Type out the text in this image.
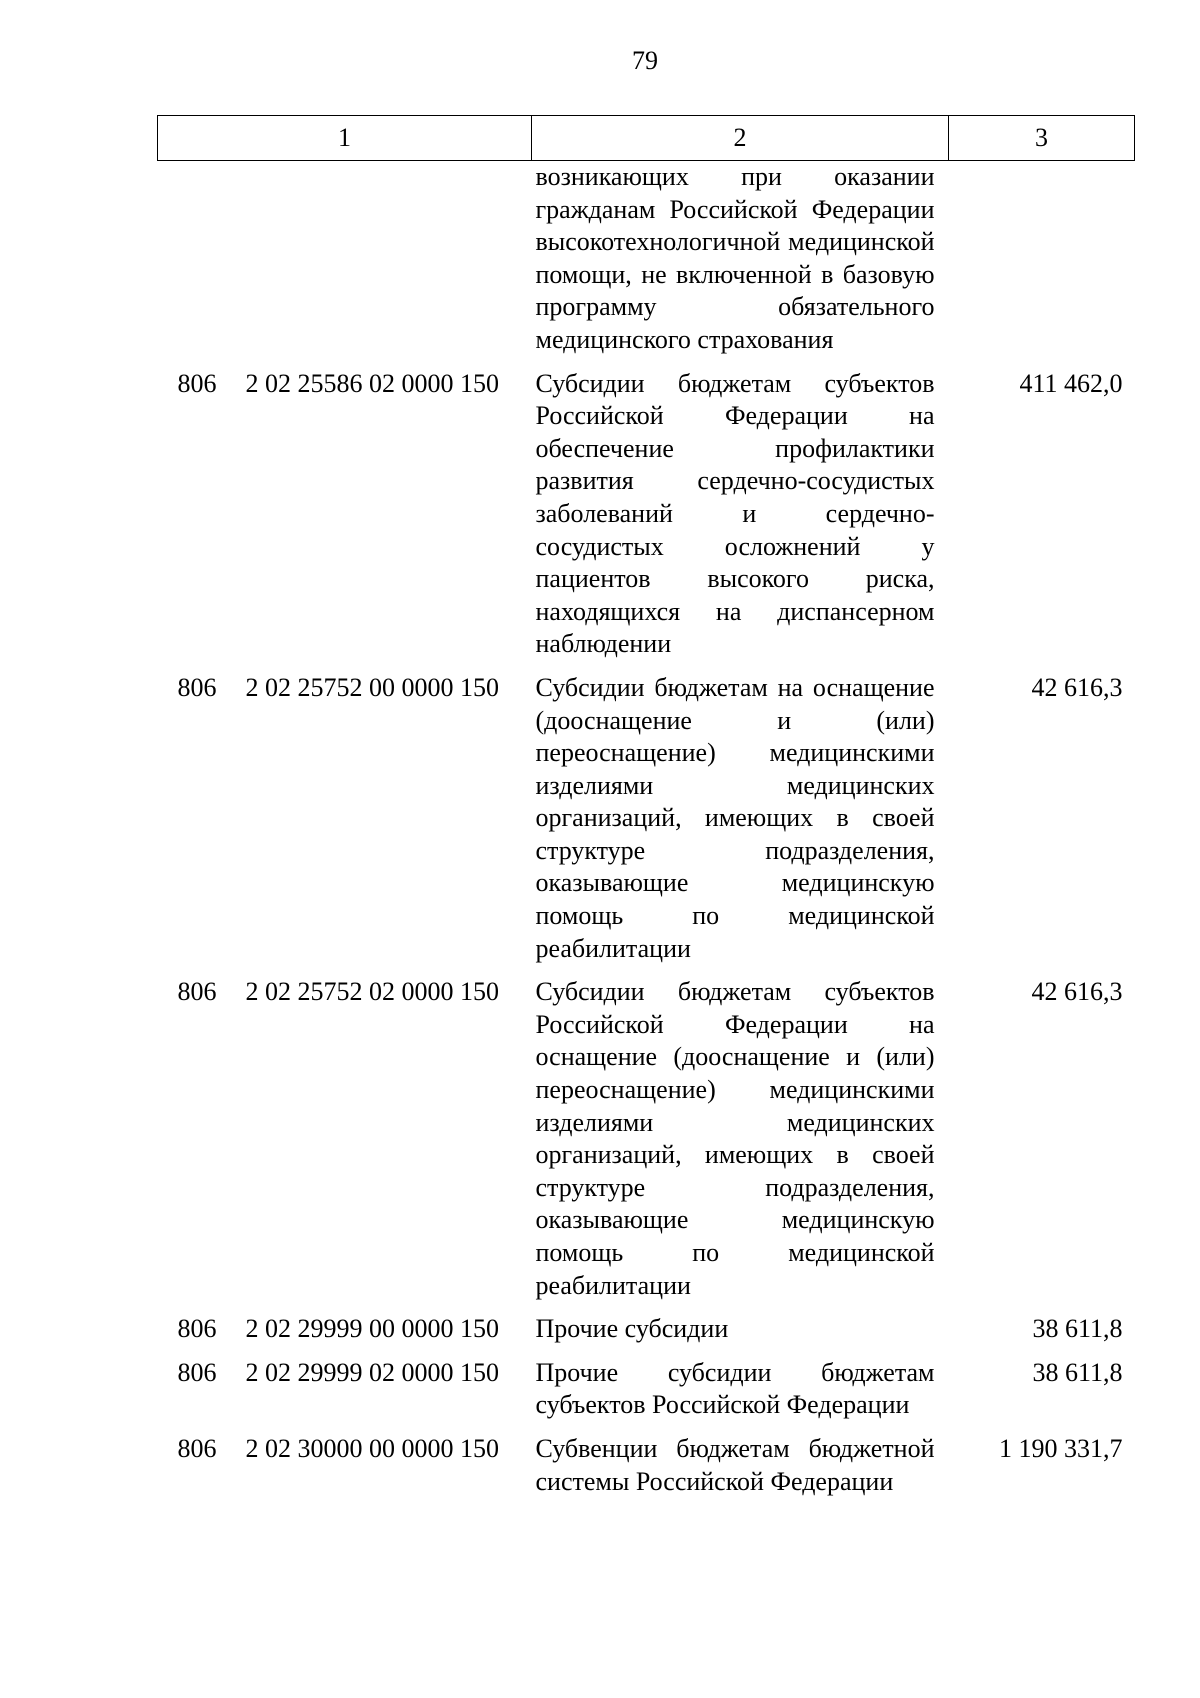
79
1	2	3

	возникающих при оказании гражданам Российской Федерации высокотехнологичной медицинской помощи, не включенной в базовую программу обязательного медицинского страхования	

806 2 02 25586 02 0000 150	Субсидии бюджетам субъектов Российской Федерации на обеспечение профилактики развития сердечно-сосудистых заболеваний и сердечно-сосудистых осложнений у пациентов высокого риска, находящихся на диспансерном наблюдении	411 462,0

806 2 02 25752 00 0000 150	Субсидии бюджетам на оснащение (дооснащение и (или) переоснащение) медицинскими изделиями медицинских организаций, имеющих в своей структуре подразделения, оказывающие медицинскую помощь по медицинской реабилитации	42 616,3

806 2 02 25752 02 0000 150	Субсидии бюджетам субъектов Российской Федерации на оснащение (дооснащение и (или) переоснащение) медицинскими изделиями медицинских организаций, имеющих в своей структуре подразделения, оказывающие медицинскую помощь по медицинской реабилитации	42 616,3

806 2 02 29999 00 0000 150	Прочие субсидии	38 611,8

806 2 02 29999 02 0000 150	Прочие субсидии бюджетам субъектов Российской Федерации	38 611,8

806 2 02 30000 00 0000 150	Субвенции бюджетам бюджетной системы Российской Федерации	1 190 331,7
